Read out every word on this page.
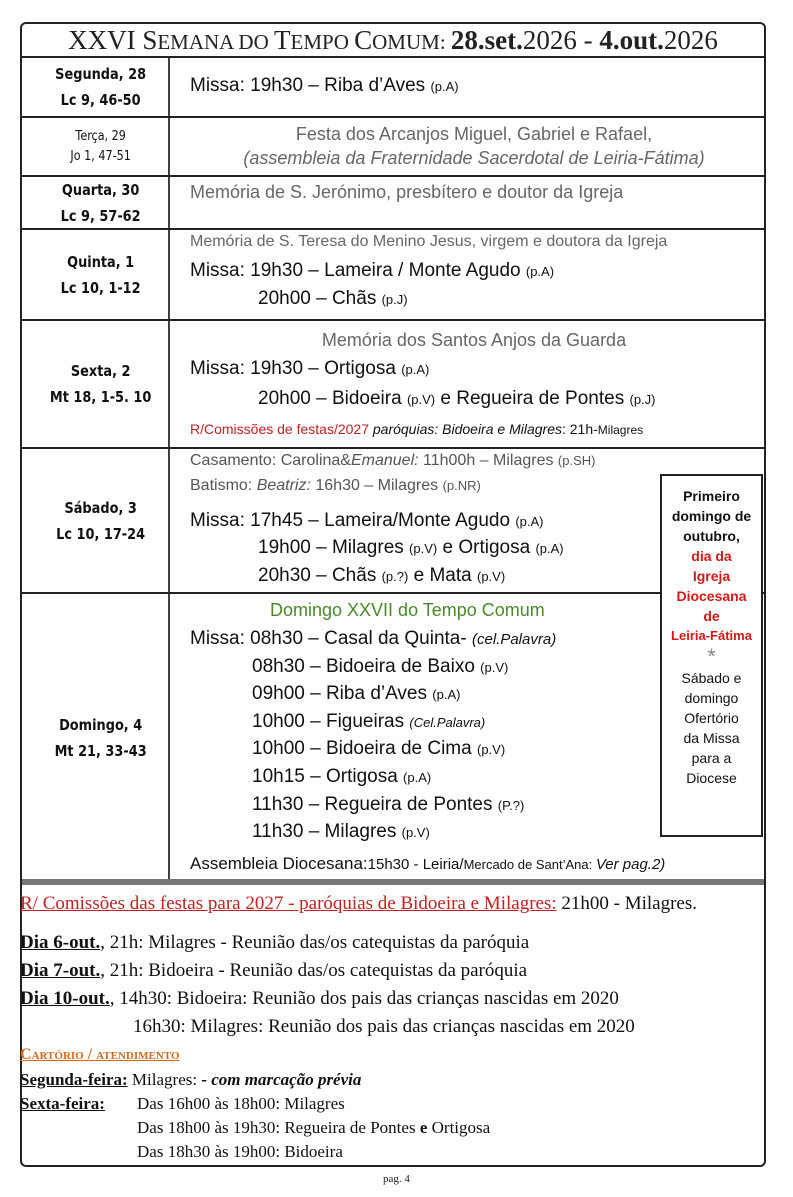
XXVI SEMANA DO TEMPO COMUM: 28.set.2026 - 4.out.2026
Segunda, 28
Lc 9, 46-50
Missa: 19h30 – Riba d’Aves (p.A)
Terça, 29
Jo 1, 47-51
Festa dos Arcanjos Miguel, Gabriel e Rafael,
(assembleia da Fraternidade Sacerdotal de Leiria-Fátima)
Quarta, 30
Lc 9, 57-62
Memória de S. Jerónimo, presbítero e doutor da Igreja
Quinta, 1
Lc 10, 1-12
Memória de S. Teresa do Menino Jesus, virgem e doutora da Igreja
Missa: 19h30 – Lameira / Monte Agudo (p.A)
20h00 – Chãs (p.J)
Sexta, 2
Mt 18, 1-5. 10
Memória dos Santos Anjos da Guarda
Missa: 19h30 – Ortigosa (p.A)
20h00 – Bidoeira (p.V) e Regueira de Pontes (p.J)
R/Comissões de festas/2027 paróquias: Bidoeira e Milagres: 21h-Milagres
Sábado, 3
Lc 10, 17-24
Casamento: Carolina&Emanuel: 11h00h – Milagres (p.SH)
Batismo: Beatriz: 16h30 – Milagres (p.NR)
Missa: 17h45 – Lameira/Monte Agudo (p.A)
19h00 – Milagres (p.V) e Ortigosa (p.A)
20h30 – Chãs (p.?) e Mata (p.V)
Domingo, 4
Mt 21, 33-43
Domingo XXVII do Tempo Comum
Missa: 08h30 – Casal da Quinta- (cel.Palavra)
08h30 – Bidoeira de Baixo (p.V)
09h00 – Riba d’Aves (p.A)
10h00 – Figueiras (Cel.Palavra)
10h00 – Bidoeira de Cima (p.V)
10h15 – Ortigosa (p.A)
11h30 – Regueira de Pontes (P.?)
11h30 – Milagres (p.V)
Assembleia Diocesana:15h30 - Leiria/Mercado de Sant’Ana: Ver pag.2)
Primeiro
domingo de
outubro,
dia da
Igreja
Diocesana
de
Leiria-Fátima
*
Sábado e
domingo
Ofertório
da Missa
para a
Diocese
R/ Comissões das festas para 2027 - paróquias de Bidoeira e Milagres: 21h00 - Milagres.
Dia 6-out., 21h: Milagres - Reunião das/os catequistas da paróquia
Dia 7-out., 21h: Bidoeira - Reunião das/os catequistas da paróquia
Dia 10-out., 14h30: Bidoeira: Reunião dos pais das crianças nascidas em 2020
16h30: Milagres: Reunião dos pais das crianças nascidas em 2020
Cartório / atendimento
Segunda-feira: Milagres: - com marcação prévia
Sexta-feira: Das 16h00 às 18h00: Milagres
Das 18h00 às 19h30: Regueira de Pontes e Ortigosa
Das 18h30 às 19h00: Bidoeira
pag. 4
